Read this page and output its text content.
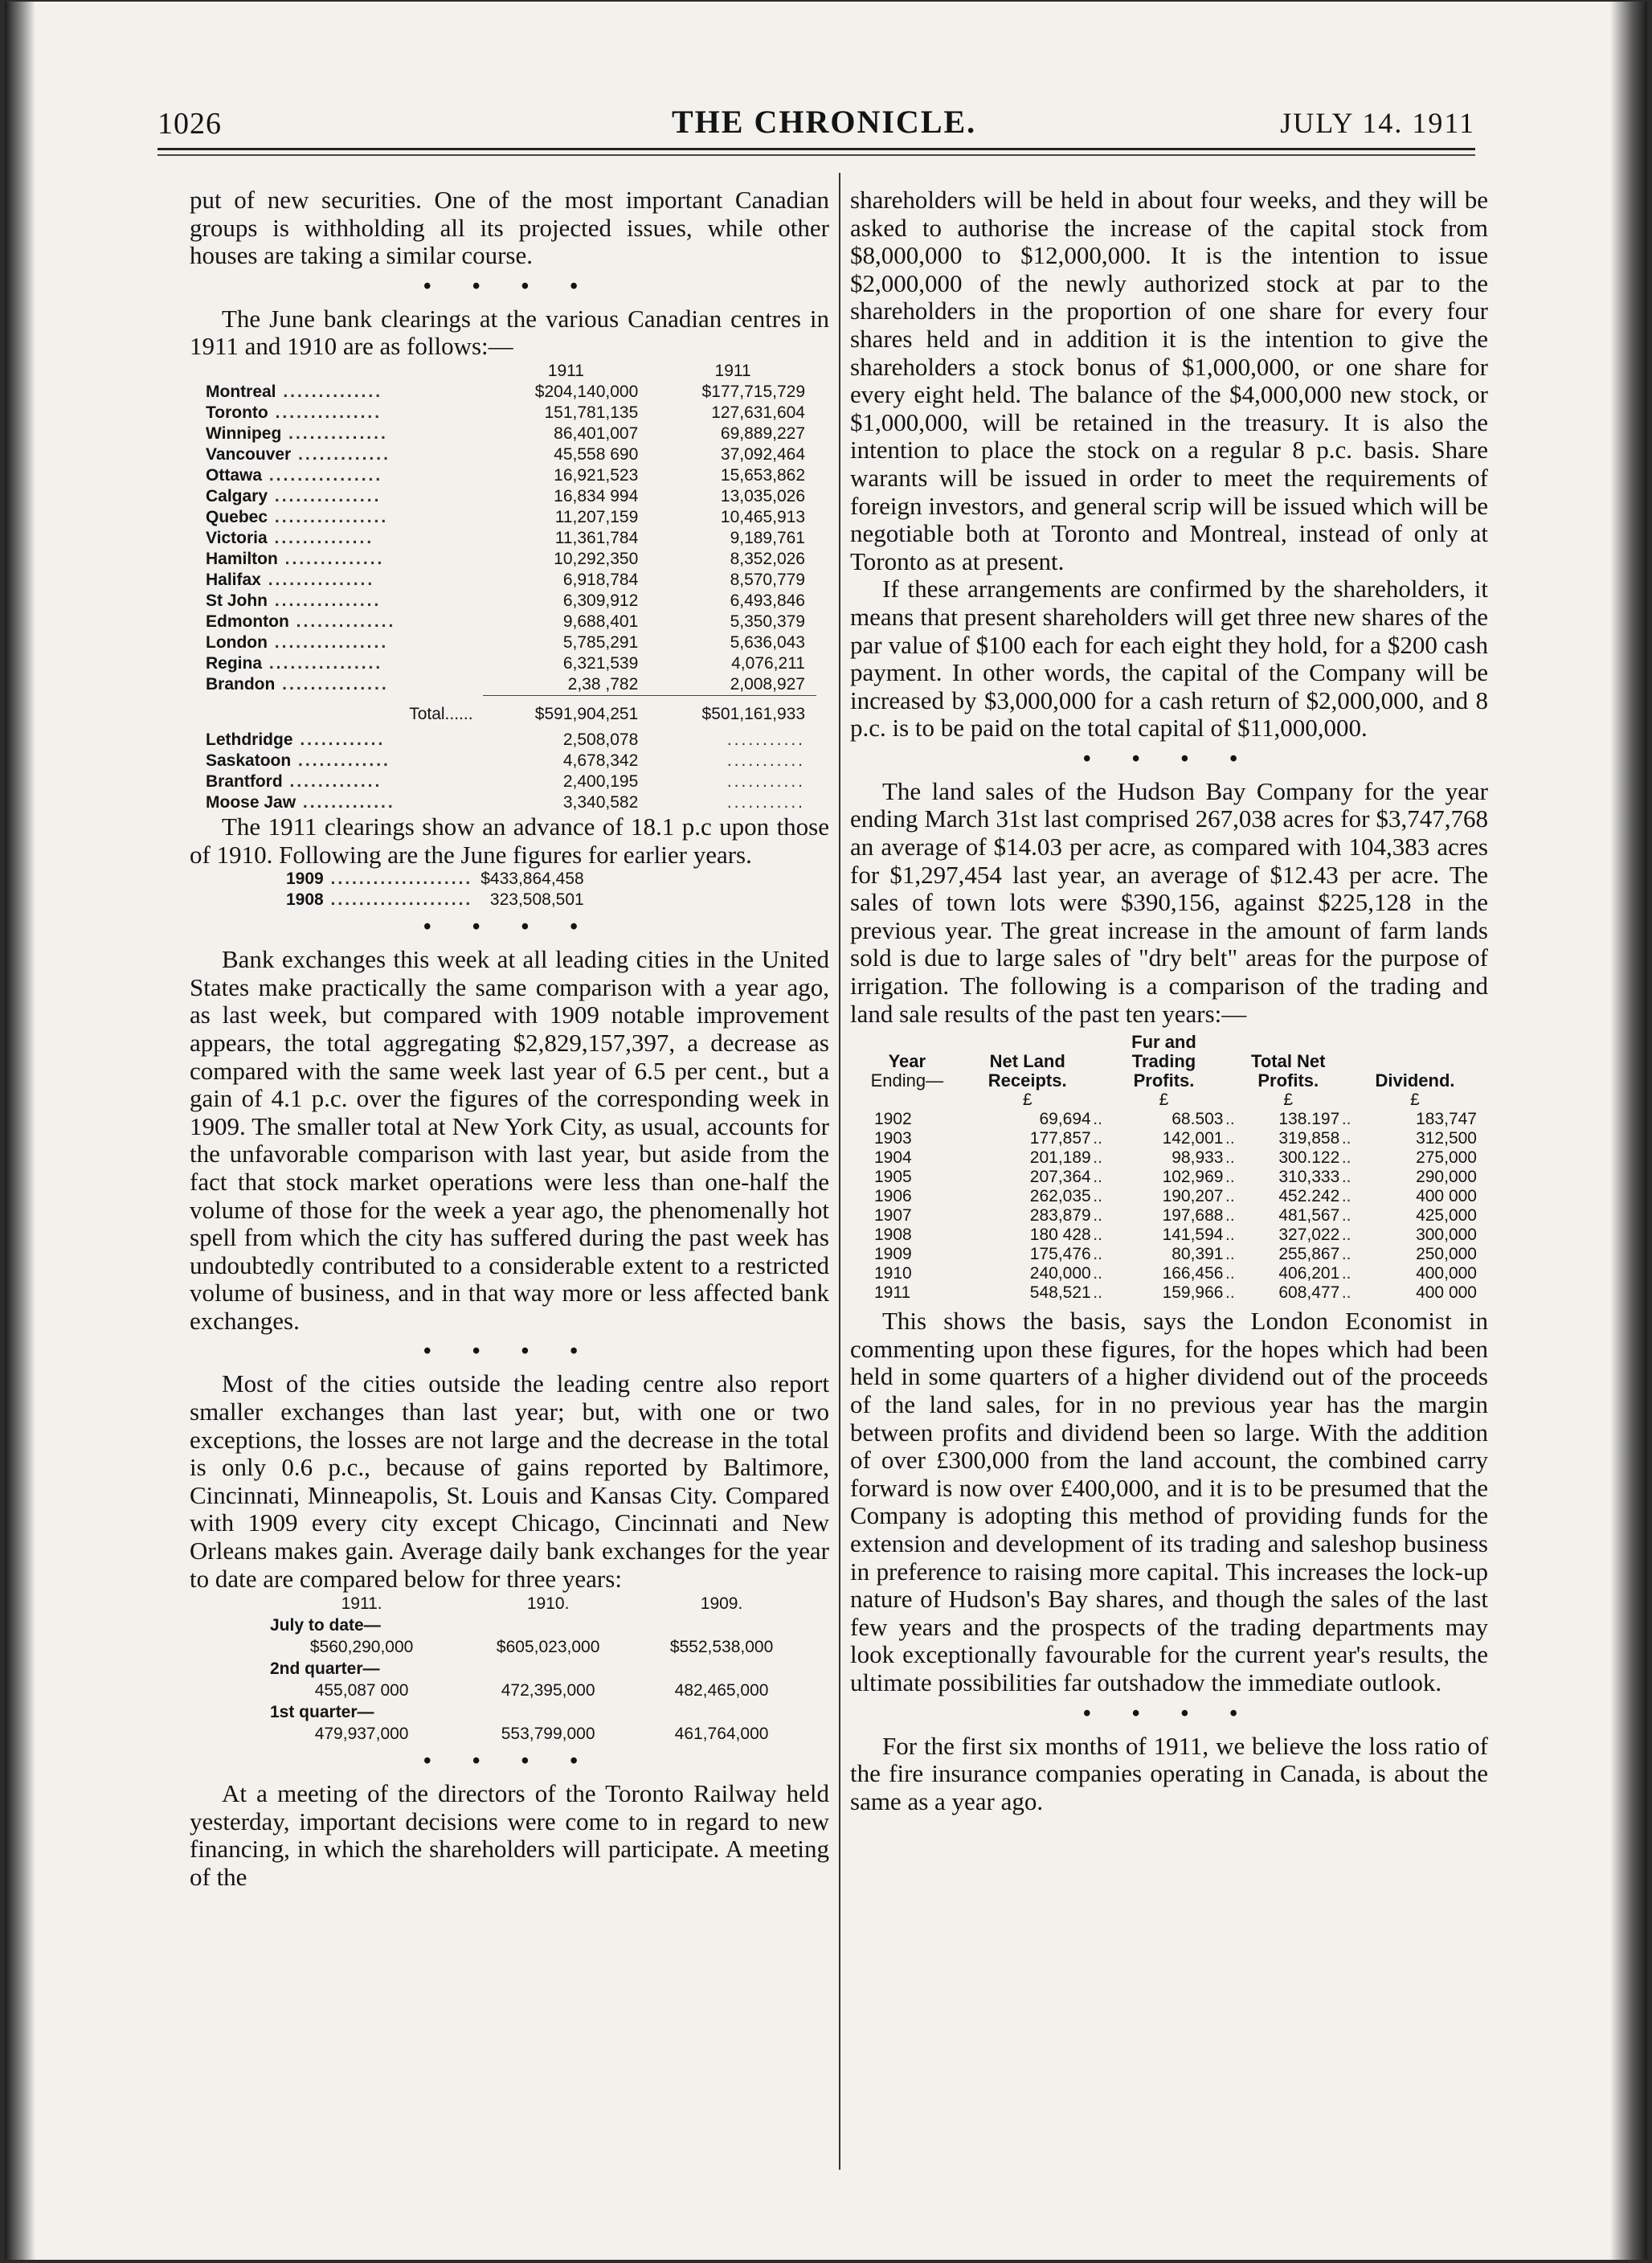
1026	THE CHRONICLE.	JULY 14. 1911

put of new securities. One of the most important Canadian groups is withholding all its projected issues, while other houses are taking a similar course.

• • • •

The June bank clearings at the various Canadian centres in 1911 and 1910 are as follows:—

	1911	1911
Montreal ..............	$204,140,000	$177,715,729
Toronto ...............	151,781,135	127,631,604
Winnipeg ..............	86,401,007	69,889,227
Vancouver .............	45,558 690	37,092,464
Ottawa ................	16,921,523	15,653,862
Calgary ...............	16,834 994	13,035,026
Quebec ................	11,207,159	10,465,913
Victoria ..............	11,361,784	9,189,761
Hamilton ..............	10,292,350	8,352,026
Halifax ...............	6,918,784	8,570,779
St John ...............	6,309,912	6,493,846
Edmonton ..............	9,688,401	5,350,379
London ................	5,785,291	5,636,043
Regina ................	6,321,539	4,076,211
Brandon ...............	2,38 ,782	2,008,927
Total......	$591,904,251	$501,161,933
Lethdridge ............	2,508,078	...........
Saskatoon .............	4,678,342	...........
Brantford .............	2,400,195	...........
Moose Jaw .............	3,340,582	...........

The 1911 clearings show an advance of 18.1 p.c upon those of 1910. Following are the June figures for earlier years.

1909 ....................	$433,864,458
1908 ....................	323,508,501
• • • •

Bank exchanges this week at all leading cities in the United States make practically the same comparison with a year ago, as last week, but compared with 1909 notable improvement appears, the total aggregating $2,829,157,397, a decrease as compared with the same week last year of 6.5 per cent., but a gain of 4.1 p.c. over the figures of the corresponding week in 1909. The smaller total at New York City, as usual, accounts for the unfavorable comparison with last year, but aside from the fact that stock market operations were less than one-half the volume of those for the week a year ago, the phenomenally hot spell from which the city has suffered during the past week has undoubtedly contributed to a considerable extent to a restricted volume of business, and in that way more or less affected bank exchanges.

• • • •

Most of the cities outside the leading centre also report smaller exchanges than last year; but, with one or two exceptions, the losses are not large and the decrease in the total is only 0.6 p.c., because of gains reported by Baltimore, Cincinnati, Minneapolis, St. Louis and Kansas City. Compared with 1909 every city except Chicago, Cincinnati and New Orleans makes gain. Average daily bank exchanges for the year to date are compared below for three years:

1911.	1910.	1909.
July to date—		
$560,290,000	$605,023,000	$552,538,000
2nd quarter—		
455,087 000	472,395,000	482,465,000
1st quarter—		
479,937,000	553,799,000	461,764,000
• • • •

At a meeting of the directors of the Toronto Railway held yesterday, important decisions were come to in regard to new financing, in which the shareholders will participate. A meeting of the

shareholders will be held in about four weeks, and they will be asked to authorise the increase of the capital stock from $8,000,000 to $12,000,000. It is the intention to issue $2,000,000 of the newly authorized stock at par to the shareholders in the proportion of one share for every four shares held and in addition it is the intention to give the shareholders a stock bonus of $1,000,000, or one share for every eight held. The balance of the $4,000,000 new stock, or $1,000,000, will be retained in the treasury. It is also the intention to place the stock on a regular 8 p.c. basis. Share warants will be issued in order to meet the requirements of foreign investors, and general scrip will be issued which will be negotiable both at Toronto and Montreal, instead of only at Toronto as at present.

If these arrangements are confirmed by the shareholders, it means that present shareholders will get three new shares of the par value of $100 each for each eight they hold, for a $200 cash payment. In other words, the capital of the Company will be increased by $3,000,000 for a cash return of $2,000,000, and 8 p.c. is to be paid on the total capital of $11,000,000.

• • • •

The land sales of the Hudson Bay Company for the year ending March 31st last comprised 267,038 acres for $3,747,768 an average of $14.03 per acre, as compared with 104,383 acres for $1,297,454 last year, an average of $12.43 per acre. The sales of town lots were $390,156, against $225,128 in the previous year. The great increase in the amount of farm lands sold is due to large sales of "dry belt" areas for the purpose of irrigation. The following is a comparison of the trading and land sale results of the past ten years:—

Year
Ending—	Net Land Receipts.		Fur and Trading Profits.		Total Net Profits.		Dividend.
	£		£		£		£
1902	69,694	..	68.503	..	138.197	..	183,747
1903	177,857	..	142,001	..	319,858	..	312,500
1904	201,189	..	98,933	..	300.122	..	275,000
1905	207,364	..	102,969	..	310,333	..	290,000
1906	262,035	..	190,207	..	452.242	..	400 000
1907	283,879	..	197,688	..	481,567	..	425,000
1908	180 428	..	141,594	..	327,022	..	300,000
1909	175,476	..	80,391	..	255,867	..	250,000
1910	240,000	..	166,456	..	406,201	..	400,000
1911	548,521	..	159,966	..	608,477	..	400 000

This shows the basis, says the London Economist in commenting upon these figures, for the hopes which had been held in some quarters of a higher dividend out of the proceeds of the land sales, for in no previous year has the margin between profits and dividend been so large. With the addition of over £300,000 from the land account, the combined carry forward is now over £400,000, and it is to be presumed that the Company is adopting this method of providing funds for the extension and development of its trading and saleshop business in preference to raising more capital. This increases the lock-up nature of Hudson's Bay shares, and though the sales of the last few years and the prospects of the trading departments may look exceptionally favourable for the current year's results, the ultimate possibilities far outshadow the immediate outlook.

• • • •

For the first six months of 1911, we believe the loss ratio of the fire insurance companies operating in Canada, is about the same as a year ago.
